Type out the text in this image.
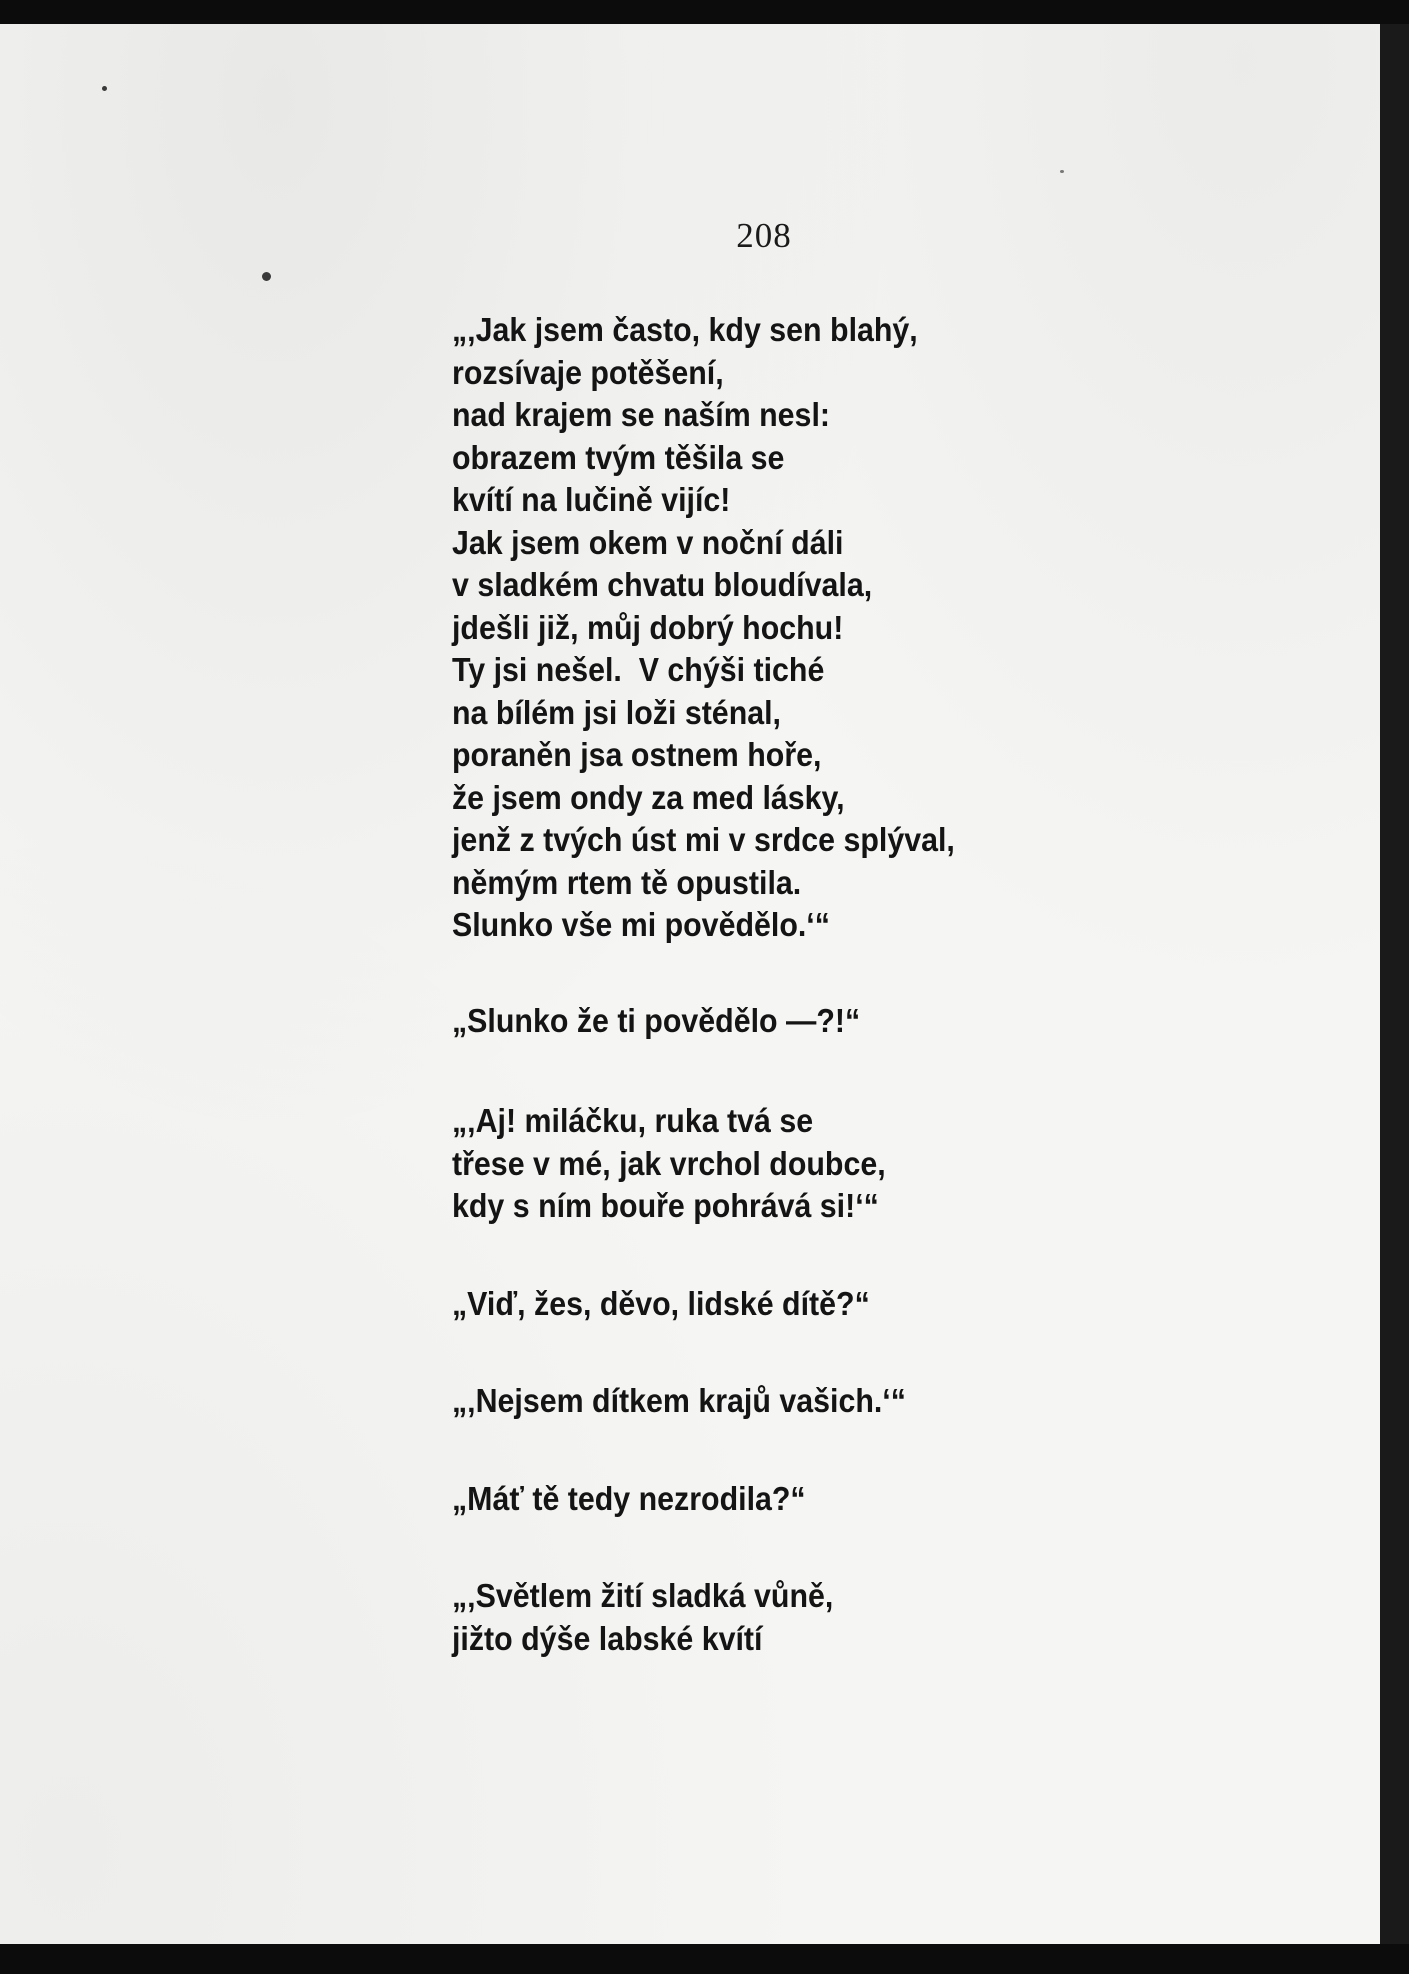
208
„‚Jak jsem často, kdy sen blahý,
rozsívaje potěšení,
nad krajem se naším nesl:
obrazem tvým těšila se
kvítí na lučině vijíc!
Jak jsem okem v noční dáli
v sladkém chvatu bloudívala,
jdešli již, můj dobrý hochu!
Ty jsi nešel.  V chýši tiché
na bílém jsi loži sténal,
poraněn jsa ostnem hoře,
že jsem ondy za med lásky,
jenž z tvých úst mi v srdce splýval,
němým rtem tě opustila.
Slunko vše mi povědělo.‘“
„Slunko že ti povědělo —?!“
„‚Aj! miláčku, ruka tvá se
třese v mé, jak vrchol doubce,
kdy s ním bouře pohrává si!‘“
„Viď, žes, děvo, lidské dítě?“
„‚Nejsem dítkem krajů vašich.‘“
„Máť tě tedy nezrodila?“
„‚Světlem žití sladká vůně,
jižto dýše labské kvítí
